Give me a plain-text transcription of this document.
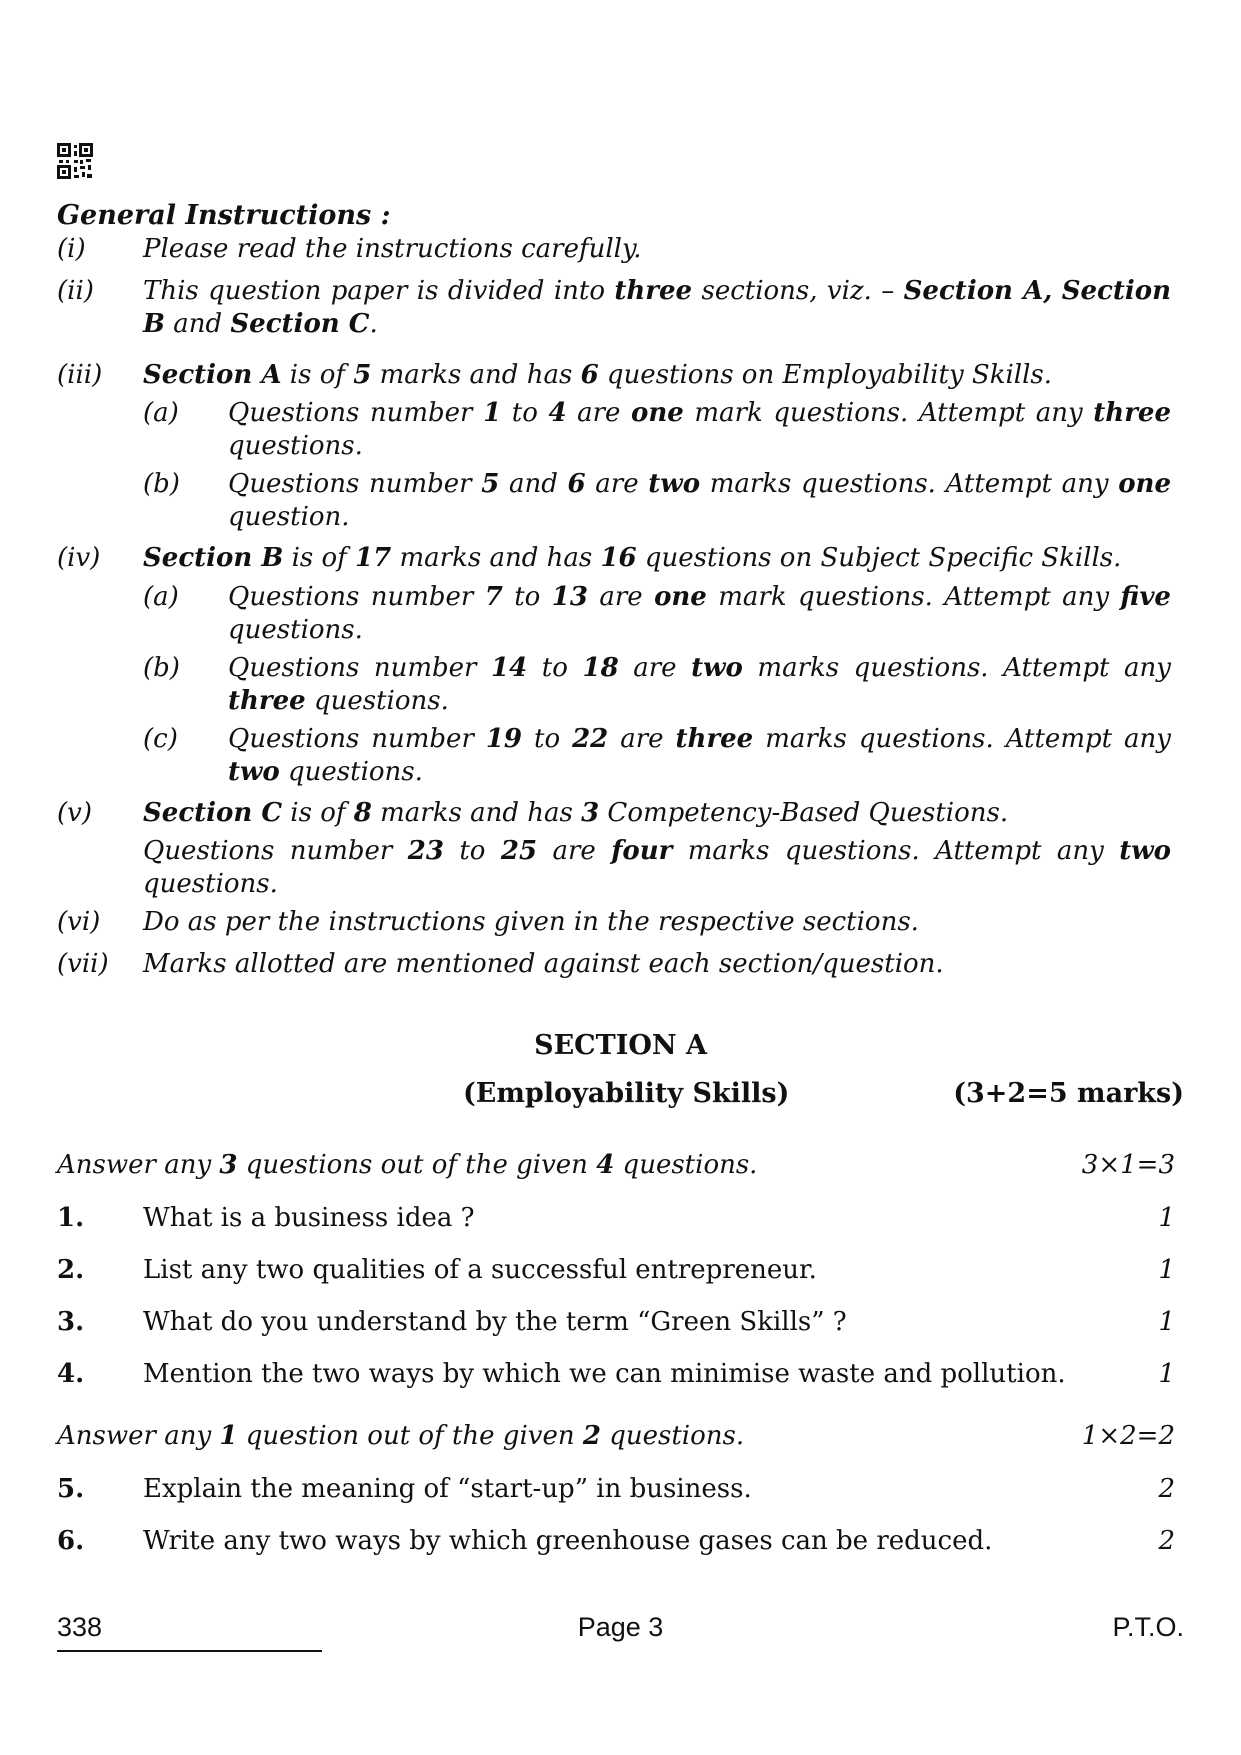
General Instructions :
(i)	Please read the instructions carefully.
(ii)	This question paper is divided into three sections, viz. – Section A, Section B and Section C.
(iii)	Section A is of 5 marks and has 6 questions on Employability Skills.
(a)	Questions number 1 to 4 are one mark questions. Attempt any three questions.
(b)	Questions number 5 and 6 are two marks questions. Attempt any one question.
(iv)	Section B is of 17 marks and has 16 questions on Subject Specific Skills.
(a)	Questions number 7 to 13 are one mark questions. Attempt any five questions.
(b)	Questions number 14 to 18 are two marks questions. Attempt any three questions.
(c)	Questions number 19 to 22 are three marks questions. Attempt any two questions.
(v)	Section C is of 8 marks and has 3 Competency-Based Questions.
Questions number 23 to 25 are four marks questions. Attempt any two questions.
(vi)	Do as per the instructions given in the respective sections.
(vii)	Marks allotted are mentioned against each section/question.
SECTION A
(Employability Skills)	(3+2=5 marks)
Answer any 3 questions out of the given 4 questions.	3×1=3
1. What is a business idea ?	1
2. List any two qualities of a successful entrepreneur.	1
3. What do you understand by the term “Green Skills” ?	1
4. Mention the two ways by which we can minimise waste and pollution.	1
Answer any 1 question out of the given 2 questions.	1×2=2
5. Explain the meaning of “start-up” in business.	2
6. Write any two ways by which greenhouse gases can be reduced.	2
338	Page 3	P.T.O.
